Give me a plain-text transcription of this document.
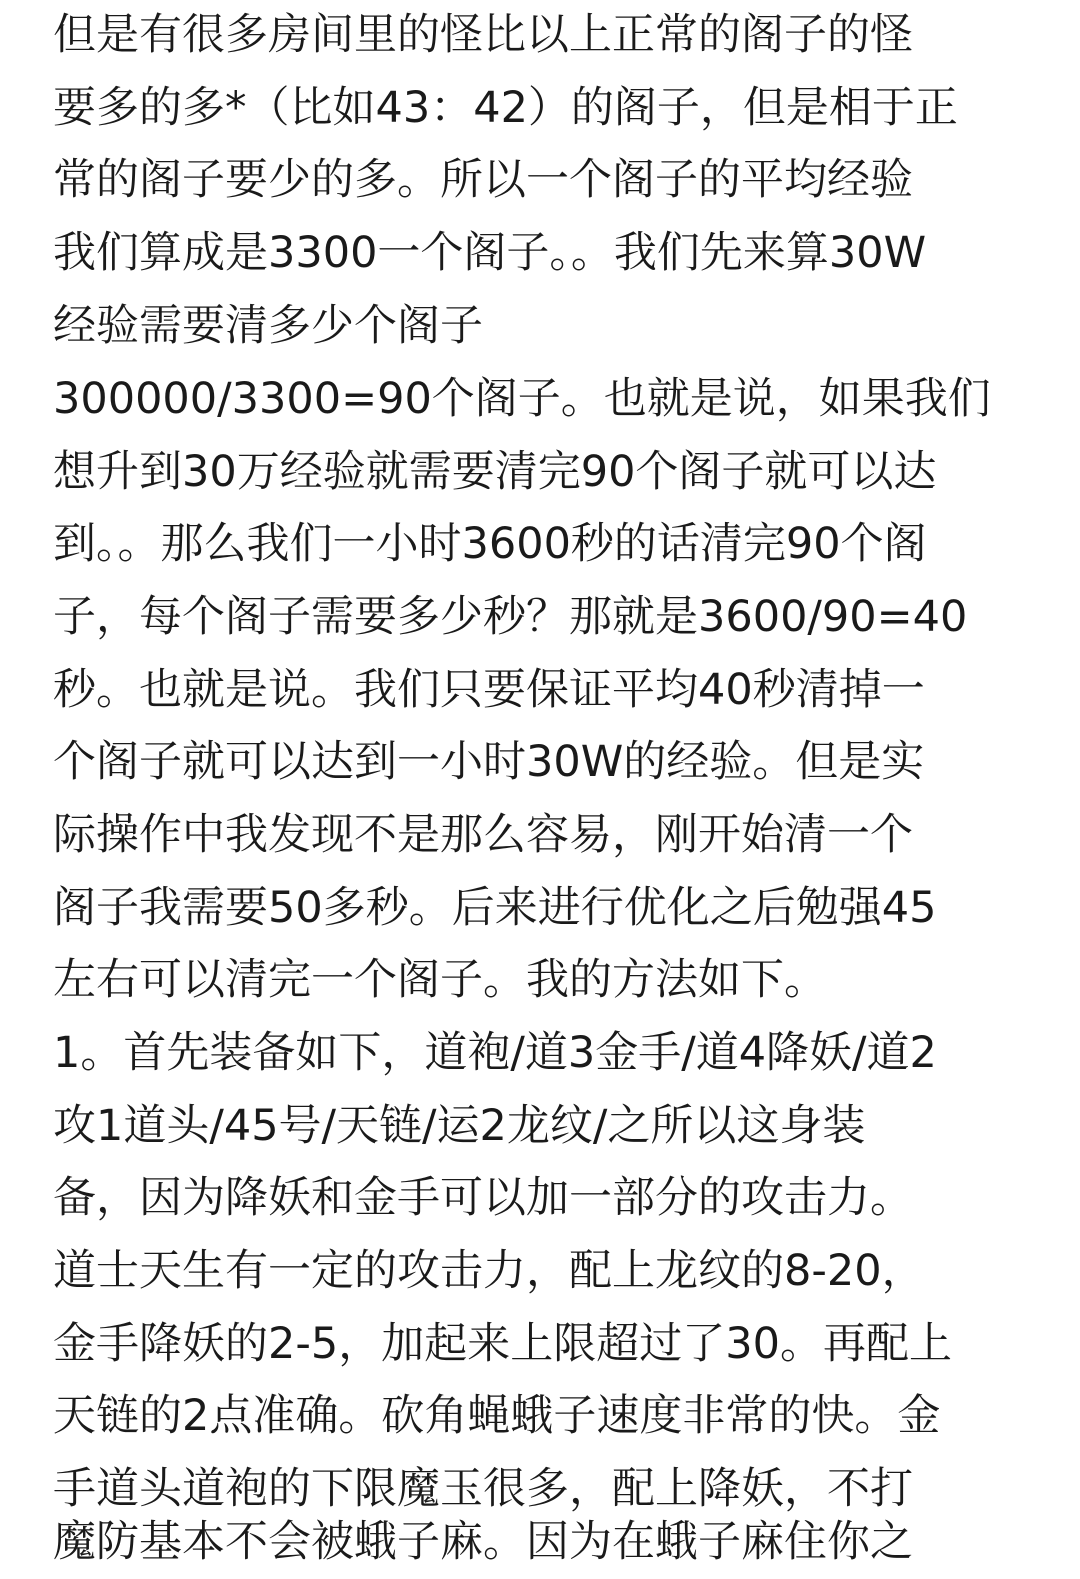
但是有很多房间里的怪比以上正常的阁子的怪
要多的多*（比如43：42）的阁子，但是相于正
常的阁子要少的多。所以一个阁子的平均经验
我们算成是3300一个阁子。。我们先来算30W
经验需要清多少个阁子
300000/3300=90个阁子。也就是说，如果我们
想升到30万经验就需要清完90个阁子就可以达
到。。那么我们一小时3600秒的话清完90个阁
子，每个阁子需要多少秒？那就是3600/90=40
秒。也就是说。我们只要保证平均40秒清掉一
个阁子就可以达到一小时30W的经验。但是实
际操作中我发现不是那么容易，刚开始清一个
阁子我需要50多秒。后来进行优化之后勉强45
左右可以清完一个阁子。我的方法如下。
1。首先装备如下，道袍/道3金手/道4降妖/道2
攻1道头/45号/天链/运2龙纹/之所以这身装
备，因为降妖和金手可以加一部分的攻击力。
道士天生有一定的攻击力，配上龙纹的8-20，
金手降妖的2-5，加起来上限超过了30。再配上
天链的2点准确。砍角蝇蛾子速度非常的快。金
手道头道袍的下限魔玉很多，配上降妖，不打
魔防基本不会被蛾子麻。因为在蛾子麻住你之
